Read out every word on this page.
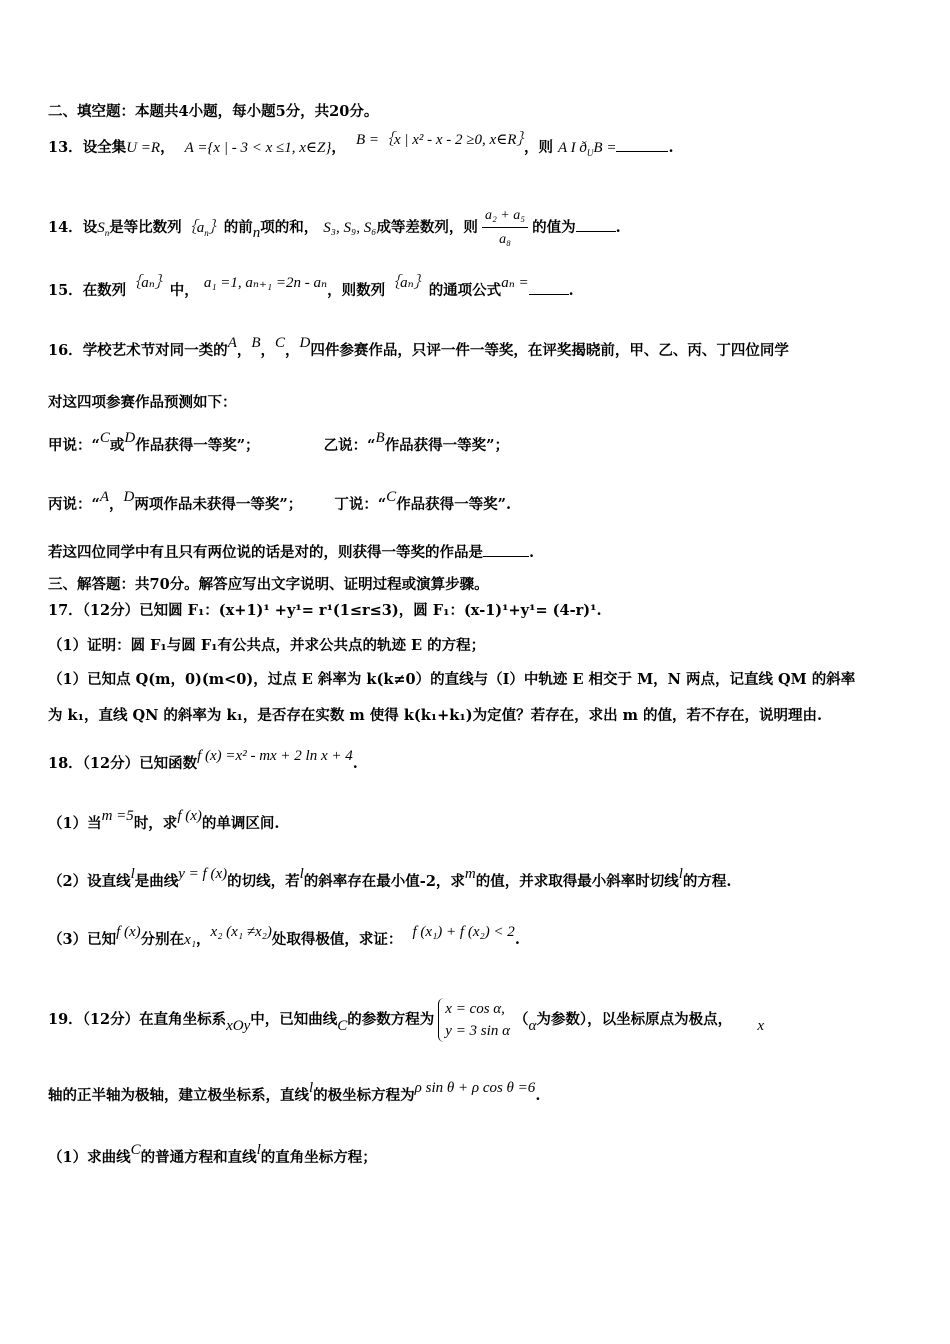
二、填空题：本题共4小题，每小题5分，共20分。
13．设全集U =R， A ={x | - 3 < x ≤1, x∈Z}， B =｛x | x² - x - 2 ≥0, x∈R｝，则 A I $ð_UB$ =	.
14．设$S_n$是等比数列$\{a_n\}$的前n项的和， S₃, S₉, S₆成等差数列，则 $\frac{\text{a₂ + a₅}}{\text{a₈}}$ 的值为	.
15．在数列｛aₙ｝中， a₁ =1, aₙ₊₁ =2n - aₙ，则数列｛aₙ｝的通项公式aₙ =	.
16．学校艺术节对同一类的A，B，C，D四件参赛作品，只评一件一等奖，在评奖揭晓前，甲、乙、丙、丁四位同学
对这四项参赛作品预测如下：
甲说：“C或D作品获得一等奖”；	乙说：“B作品获得一等奖”；
丙说：“A，D两项作品未获得一等奖”； 丁说：“C作品获得一等奖”.
若这四位同学中有且只有两位说的话是对的，则获得一等奖的作品是	.
三、解答题：共70分。解答应写出文字说明、证明过程或演算步骤。
17．（12分）已知圆 F₁：(x+1)¹ +y¹= r¹(1≤r≤3)，圆 F₁：(x-1)¹+y¹= (4-r)¹.
（1）证明：圆 F₁与圆 F₁有公共点，并求公共点的轨迹 E 的方程；
（1）已知点 Q(m，0)(m<0)，过点 E 斜率为 k(k≠0）的直线与（Ⅰ）中轨迹 E 相交于 M，N 两点，记直线 QM 的斜率
为 k₁，直线 QN 的斜率为 k₁，是否存在实数 m 使得 k(k₁+k₁)为定值？若存在，求出 m 的值，若不存在，说明理由.
18．（12分）已知函数f (x) =x² - mx + 2 ln x + 4.
（1）当m =5时，求f (x)的单调区间.
（2）设直线l是曲线y = f (x)的切线，若l的斜率存在最小值-2，求m的值，并求取得最小斜率时切线l的方程.
（3）已知f (x)分别在x₁，x₂ (x₁ ≠x₂)处取得极值，求证： f (x₁) + f (x₂) < 2.
19．（12分）在直角坐标系xOy中，已知曲线C的参数方程为
x = cos α,
y = 3 sin α
（α为参数），以坐标原点为极点， x
轴的正半轴为极轴，建立极坐标系，直线l的极坐标方程为ρ sin θ + ρ cos θ =6.
（1）求曲线C的普通方程和直线l的直角坐标方程；
